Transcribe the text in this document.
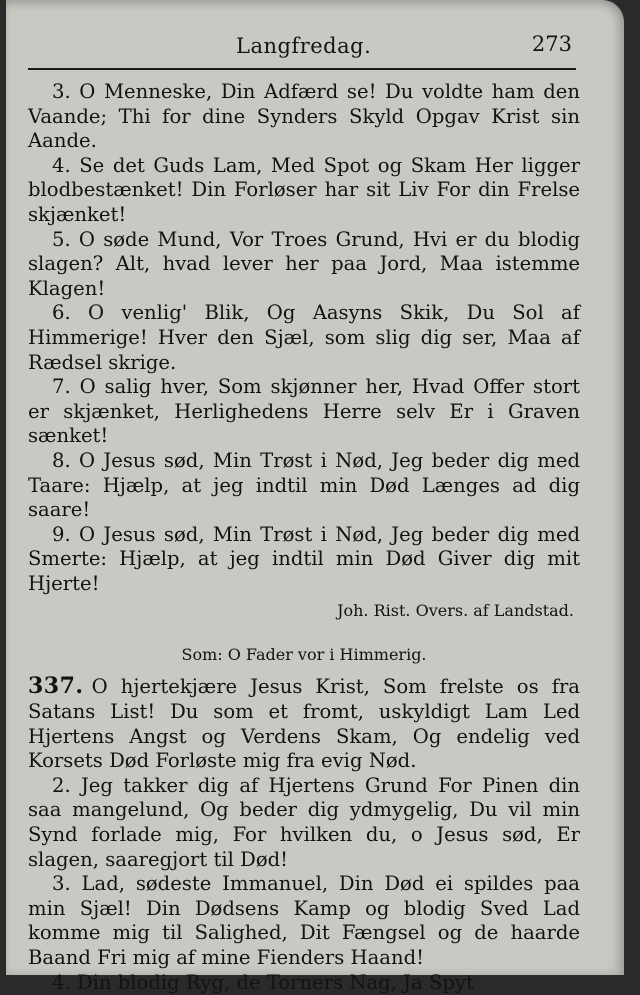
Langfredag.	273

3. O Menneske, Din Adfærd se! Du voldte ham den Vaande; Thi for dine Synders Skyld Opgav Krist sin Aande.

4. Se det Guds Lam, Med Spot og Skam Her ligger blodbestænket! Din Forløser har sit Liv For din Frelse skjænket!

5. O søde Mund, Vor Troes Grund, Hvi er du blodig slagen? Alt, hvad lever her paa Jord, Maa istemme Klagen!

6. O venlig' Blik, Og Aasyns Skik, Du Sol af Himmerige! Hver den Sjæl, som slig dig ser, Maa af Rædsel skrige.

7. O salig hver, Som skjønner her, Hvad Offer stort er skjænket, Herlighedens Herre selv Er i Graven sænket!

8. O Jesus sød, Min Trøst i Nød, Jeg beder dig med Taare: Hjælp, at jeg indtil min Død Længes ad dig saare!

9. O Jesus sød, Min Trøst i Nød, Jeg beder dig med Smerte: Hjælp, at jeg indtil min Død Giver dig mit Hjerte!

Joh. Rist. Overs. af Landstad.

Som: O Fader vor i Himmerig.

337. O hjertekjære Jesus Krist, Som frelste os fra Satans List! Du som et fromt, uskyldigt Lam Led Hjertens Angst og Verdens Skam, Og endelig ved Korsets Død Forløste mig fra evig Nød.

2. Jeg takker dig af Hjertens Grund For Pinen din saa mangelund, Og beder dig ydmygelig, Du vil min Synd forlade mig, For hvilken du, o Jesus sød, Er slagen, saaregjort til Død!

3. Lad, sødeste Immanuel, Din Død ei spildes paa min Sjæl! Din Dødsens Kamp og blodig Sved Lad komme mig til Salighed, Dit Fængsel og de haarde Baand Fri mig af mine Fienders Haand!

4. Din blodig Ryg, de Torners Nag, Ja Spyt
